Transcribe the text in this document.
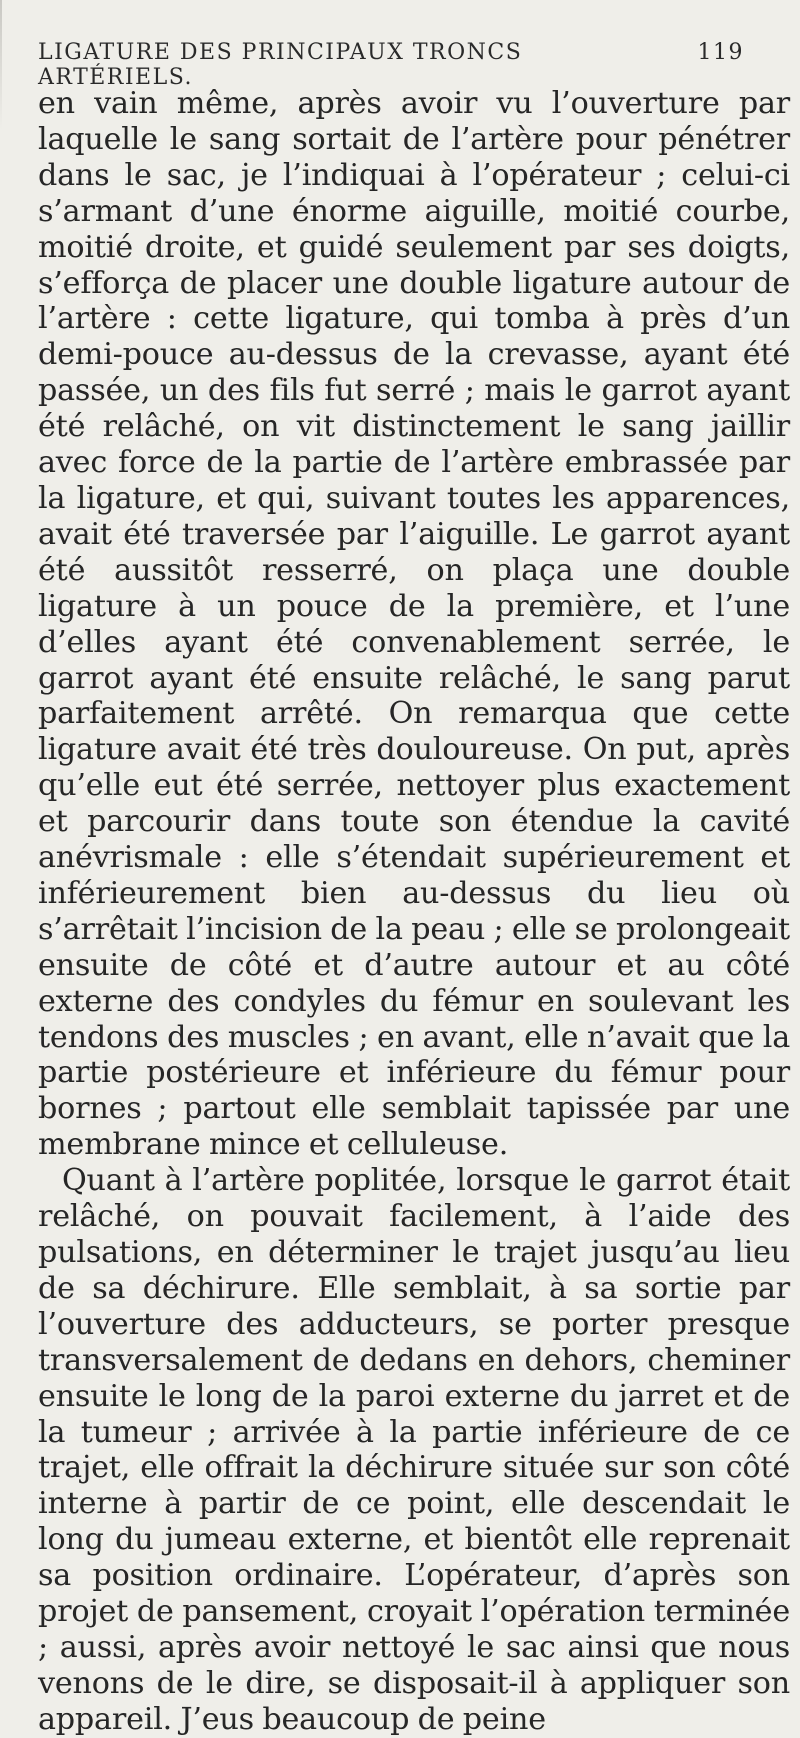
LIGATURE DES PRINCIPAUX TRONCS ARTÉRIELS.
119

en vain même, après avoir vu l’ouverture par laquelle le sang sortait de l’artère pour pénétrer dans le sac, je l’indiquai à l’opérateur ; celui-ci s’armant d’une énorme aiguille, moitié courbe, moitié droite, et guidé seulement par ses doigts, s’efforça de placer une double ligature autour de l’artère : cette ligature, qui tomba à près d’un demi-pouce au-dessus de la crevasse, ayant été passée, un des fils fut serré ; mais le garrot ayant été relâché, on vit distinctement le sang jaillir avec force de la partie de l’artère embrassée par la ligature, et qui, suivant toutes les apparences, avait été traversée par l’aiguille. Le garrot ayant été aussitôt resserré, on plaça une double ligature à un pouce de la première, et l’une d’elles ayant été convenablement serrée, le garrot ayant été ensuite relâché, le sang parut parfaitement arrêté. On remarqua que cette ligature avait été très douloureuse. On put, après qu’elle eut été serrée, nettoyer plus exactement et parcourir dans toute son étendue la cavité anévrismale : elle s’étendait supérieurement et inférieurement bien au-dessus du lieu où s’arrêtait l’incision de la peau ; elle se prolongeait ensuite de côté et d’autre autour et au côté externe des condyles du fémur en soulevant les tendons des muscles ; en avant, elle n’avait que la partie postérieure et inférieure du fémur pour bornes ; partout elle semblait tapissée par une membrane mince et celluleuse.

Quant à l’artère poplitée, lorsque le garrot était relâché, on pouvait facilement, à l’aide des pulsations, en déterminer le trajet jusqu’au lieu de sa déchirure. Elle semblait, à sa sortie par l’ouverture des adducteurs, se porter presque transversalement de dedans en dehors, cheminer ensuite le long de la paroi externe du jarret et de la tumeur ; arrivée à la partie inférieure de ce trajet, elle offrait la déchirure située sur son côté interne à partir de ce point, elle descendait le long du jumeau externe, et bientôt elle reprenait sa position ordinaire. L’opérateur, d’après son projet de pansement, croyait l’opération terminée ; aussi, après avoir nettoyé le sac ainsi que nous venons de le dire, se disposait-il à appliquer son appareil. J’eus beaucoup de peine
